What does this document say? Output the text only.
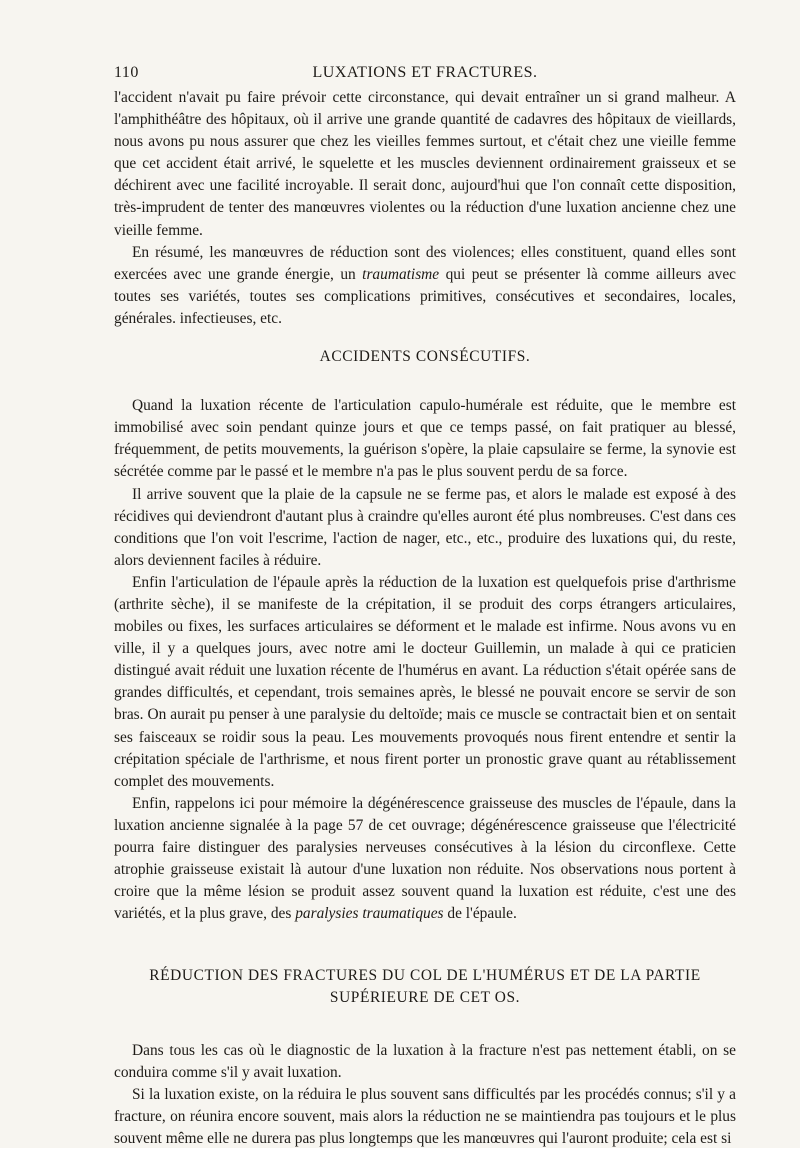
110	LUXATIONS ET FRACTURES.

l'accident n'avait pu faire prévoir cette circonstance, qui devait entraîner un si grand malheur. A l'amphithéâtre des hôpitaux, où il arrive une grande quantité de cadavres des hôpitaux de vieillards, nous avons pu nous assurer que chez les vieilles femmes surtout, et c'était chez une vieille femme que cet accident était arrivé, le squelette et les muscles deviennent ordinairement graisseux et se déchirent avec une facilité incroyable. Il serait donc, aujourd'hui que l'on connaît cette disposition, très-imprudent de tenter des manœuvres violentes ou la réduction d'une luxation ancienne chez une vieille femme.

En résumé, les manœuvres de réduction sont des violences; elles constituent, quand elles sont exercées avec une grande énergie, un traumatisme qui peut se présenter là comme ailleurs avec toutes ses variétés, toutes ses complications primitives, consécutives et secondaires, locales, générales. infectieuses, etc.

ACCIDENTS CONSÉCUTIFS.

Quand la luxation récente de l'articulation capulo-humérale est réduite, que le membre est immobilisé avec soin pendant quinze jours et que ce temps passé, on fait pratiquer au blessé, fréquemment, de petits mouvements, la guérison s'opère, la plaie capsulaire se ferme, la synovie est sécrétée comme par le passé et le membre n'a pas le plus souvent perdu de sa force.

Il arrive souvent que la plaie de la capsule ne se ferme pas, et alors le malade est exposé à des récidives qui deviendront d'autant plus à craindre qu'elles auront été plus nombreuses. C'est dans ces conditions que l'on voit l'escrime, l'action de nager, etc., etc., produire des luxations qui, du reste, alors deviennent faciles à réduire.

Enfin l'articulation de l'épaule après la réduction de la luxation est quelquefois prise d'arthrisme (arthrite sèche), il se manifeste de la crépitation, il se produit des corps étrangers articulaires, mobiles ou fixes, les surfaces articulaires se déforment et le malade est infirme. Nous avons vu en ville, il y a quelques jours, avec notre ami le docteur Guillemin, un malade à qui ce praticien distingué avait réduit une luxation récente de l'humérus en avant. La réduction s'était opérée sans de grandes difficultés, et cependant, trois semaines après, le blessé ne pouvait encore se servir de son bras. On aurait pu penser à une paralysie du deltoïde; mais ce muscle se contractait bien et on sentait ses faisceaux se roidir sous la peau. Les mouvements provoqués nous firent entendre et sentir la crépitation spéciale de l'arthrisme, et nous firent porter un pronostic grave quant au rétablissement complet des mouvements.

Enfin, rappelons ici pour mémoire la dégénérescence graisseuse des muscles de l'épaule, dans la luxation ancienne signalée à la page 57 de cet ouvrage; dégénérescence graisseuse que l'électricité pourra faire distinguer des paralysies nerveuses consécutives à la lésion du circonflexe. Cette atrophie graisseuse existait là autour d'une luxation non réduite. Nos observations nous portent à croire que la même lésion se produit assez souvent quand la luxation est réduite, c'est une des variétés, et la plus grave, des paralysies traumatiques de l'épaule.

RÉDUCTION DES FRACTURES DU COL DE L'HUMÉRUS ET DE LA PARTIE
SUPÉRIEURE DE CET OS.

Dans tous les cas où le diagnostic de la luxation à la fracture n'est pas nettement établi, on se conduira comme s'il y avait luxation.

Si la luxation existe, on la réduira le plus souvent sans difficultés par les procédés connus; s'il y a fracture, on réunira encore souvent, mais alors la réduction ne se maintiendra pas toujours et le plus souvent même elle ne durera pas plus longtemps que les manœuvres qui l'auront produite; cela est si
